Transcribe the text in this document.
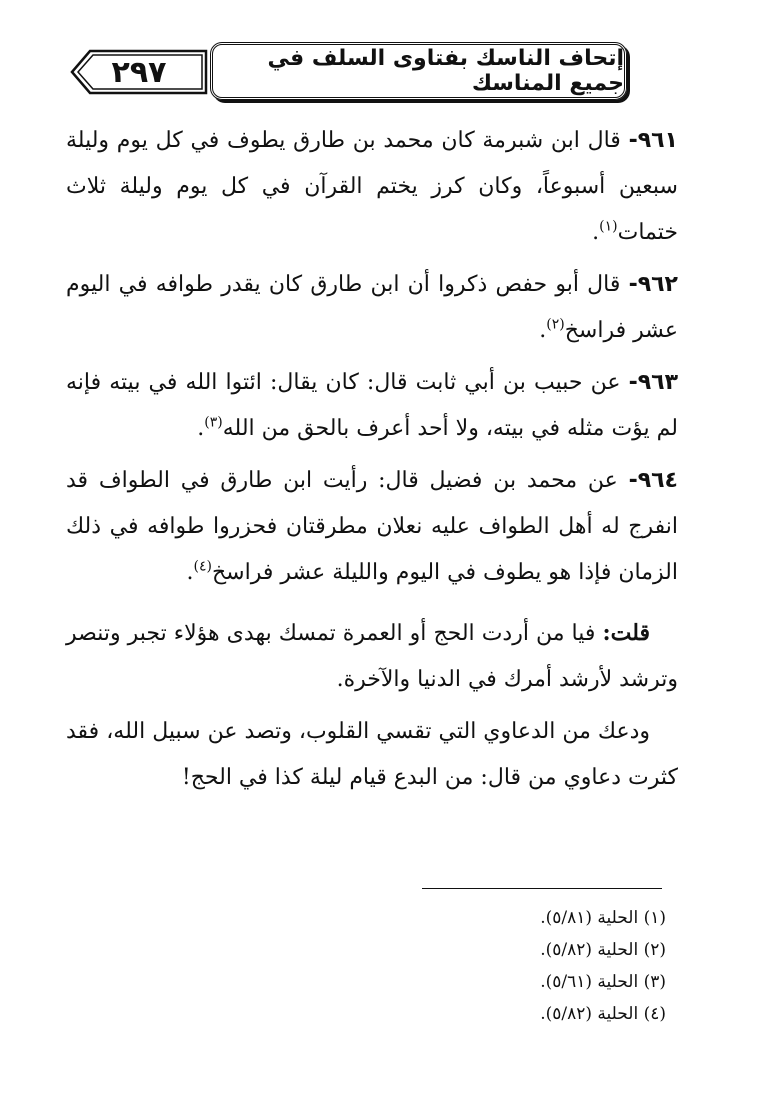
٢٩٧	إتحاف الناسك بفتاوى السلف في جميع المناسك

٩٦١- قال ابن شبرمة كان محمد بن طارق يطوف في كل يوم وليلة سبعين أسبوعاً، وكان كرز يختم القرآن في كل يوم وليلة ثلاث ختمات$^{(١)}$.

٩٦٢- قال أبو حفص ذكروا أن ابن طارق كان يقدر طوافه في اليوم عشر فراسخ$^{(٢)}$.

٩٦٣- عن حبيب بن أبي ثابت قال: كان يقال: ائتوا الله في بيته فإنه لم يؤت مثله في بيته، ولا أحد أعرف بالحق من الله$^{(٣)}$.

٩٦٤- عن محمد بن فضيل قال: رأيت ابن طارق في الطواف قد انفرج له أهل الطواف عليه نعلان مطرقتان فحزروا طوافه في ذلك الزمان فإذا هو يطوف في اليوم والليلة عشر فراسخ$^{(٤)}$.

قلت: فيا من أردت الحج أو العمرة تمسك بهدى هؤلاء تجبر وتنصر وترشد لأرشد أمرك في الدنيا والآخرة.

ودعك من الدعاوي التي تقسي القلوب، وتصد عن سبيل الله، فقد كثرت دعاوي من قال: من البدع قيام ليلة كذا في الحج!

(١) الحلية (٥/٨١).
(٢) الحلية (٥/٨٢).
(٣) الحلية (٥/٦١).
(٤) الحلية (٥/٨٢).
